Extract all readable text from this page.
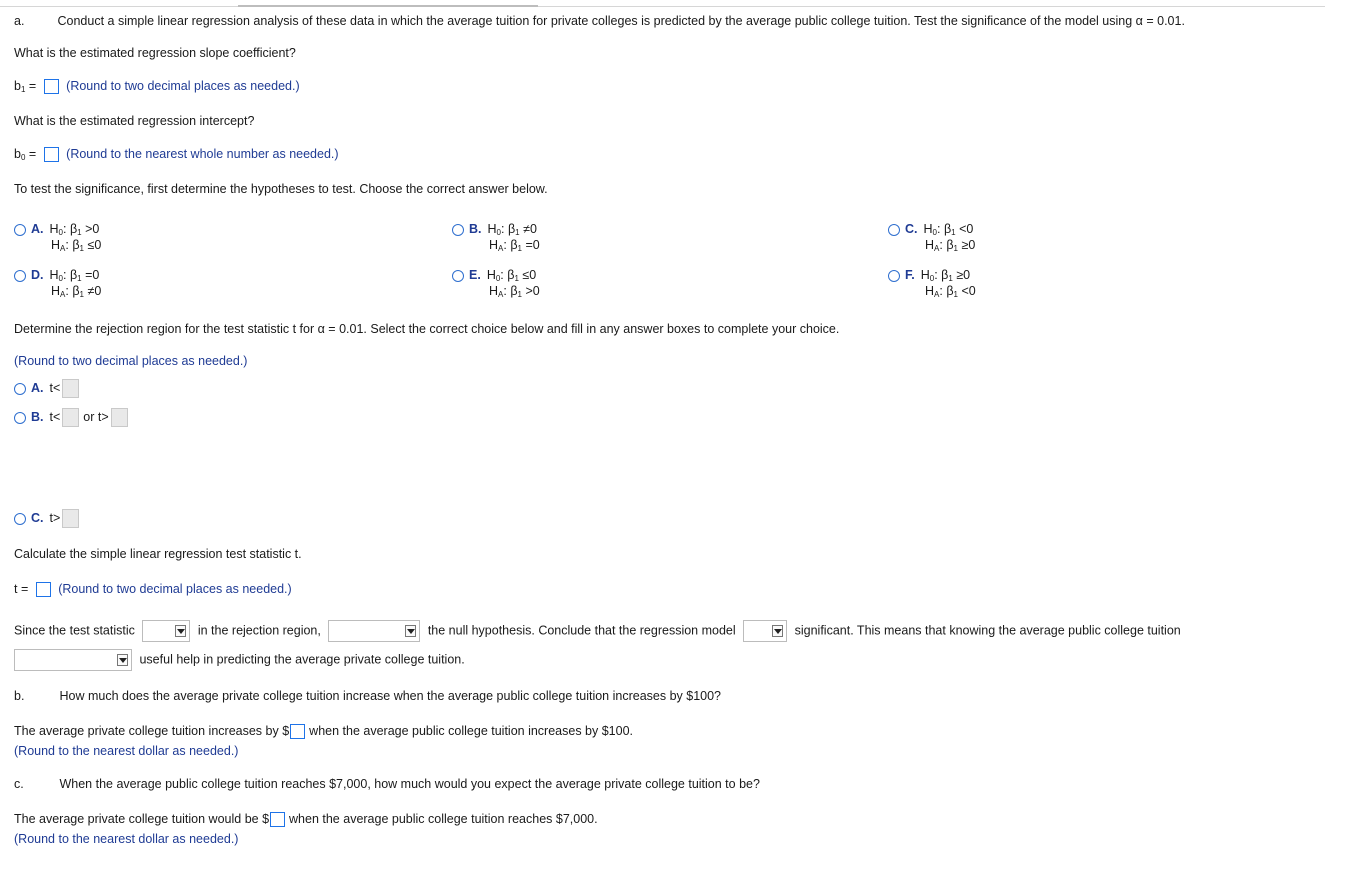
a.	Conduct a simple linear regression analysis of these data in which the average tuition for private colleges is predicted by the average public college tuition. Test the significance of the model using α = 0.01.
What is the estimated regression slope coefficient?
$b_1$ = (Round to two decimal places as needed.)
What is the estimated regression intercept?
$b_0$ = (Round to the nearest whole number as needed.)
To test the significance, first determine the hypotheses to test. Choose the correct answer below.
A. $H_0$: $\beta_1 >0$
$H_A$: $\beta_1 \le 0$
B. $H_0$: $\beta_1 \ne 0$
$H_A$: $\beta_1 =0$
C. $H_0$: $\beta_1 <0$
$H_A$: $\beta_1 \ge 0$
D. $H_0$: $\beta_1 =0$
$H_A$: $\beta_1 \ne 0$
E. $H_0$: $\beta_1 \le 0$
$H_A$: $\beta_1 >0$
F. $H_0$: $\beta_1 \ge 0$
$H_A$: $\beta_1 <0$
Determine the rejection region for the test statistic t for α = 0.01. Select the correct choice below and fill in any answer boxes to complete your choice.
(Round to two decimal places as needed.)
A. t<
B. t< or t>
C. t>
Calculate the simple linear regression test statistic t.
t = (Round to two decimal places as needed.)
Since the test statistic	in the rejection region,	the null hypothesis. Conclude that the regression model	significant. This means that knowing the average public college tuition
useful help in predicting the average private college tuition.
b.	How much does the average private college tuition increase when the average public college tuition increases by $100?
The average private college tuition increases by $ when the average public college tuition increases by $100.
(Round to the nearest dollar as needed.)
c.	When the average public college tuition reaches $7,000, how much would you expect the average private college tuition to be?
The average private college tuition would be $ when the average public college tuition reaches $7,000.
(Round to the nearest dollar as needed.)
